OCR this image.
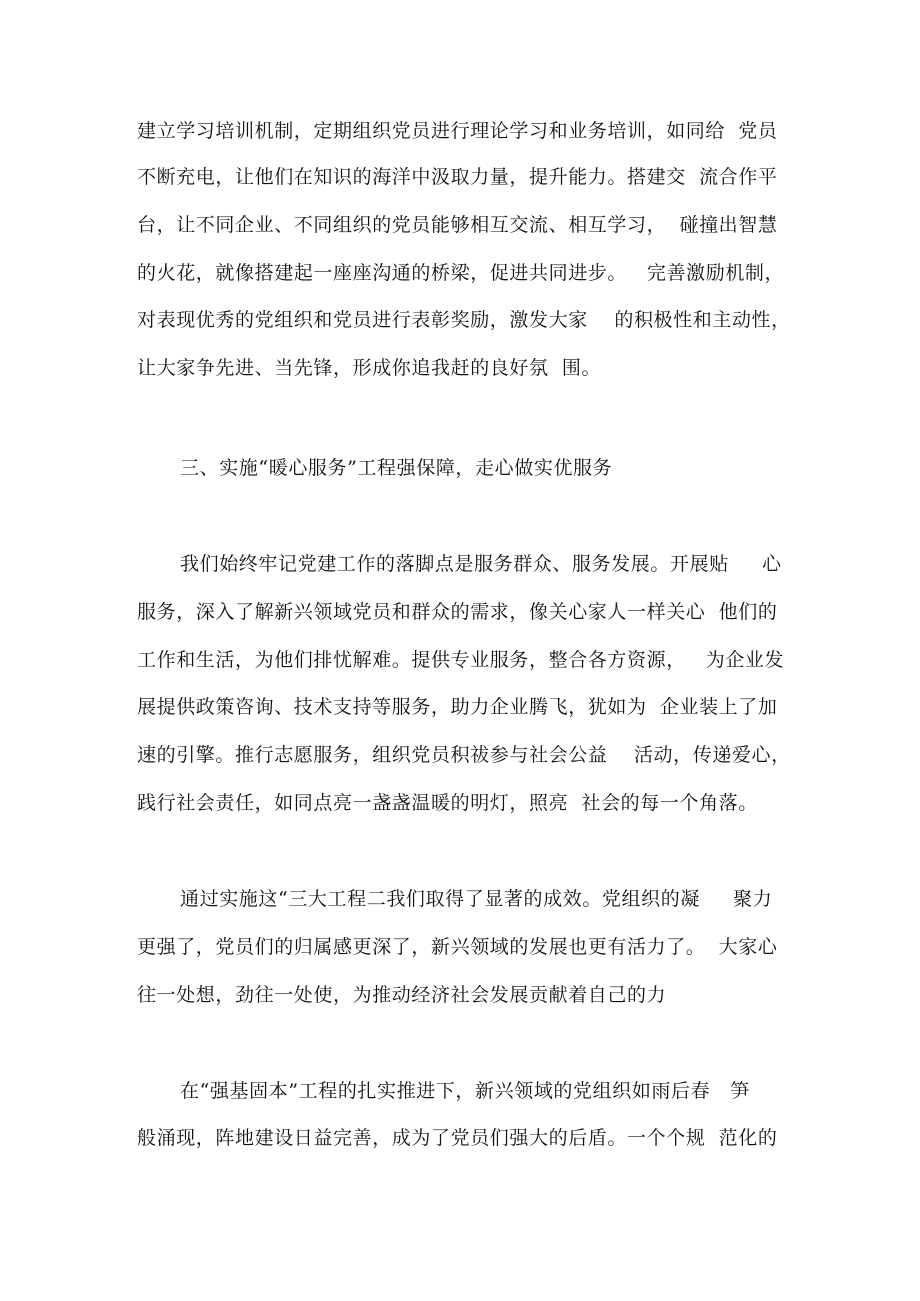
建立学习培训机制，定期组织党员进行理论学习和业务培训，如同给  党员
不断充电，让他们在知识的海洋中汲取力量，提升能力。搭建交  流合作平
台，让不同企业、不同组织的党员能够相互交流、相互学习，  碰撞出智慧
的火花，就像搭建起一座座沟通的桥梁，促进共同进步。   完善激励机制，
对表现优秀的党组织和党员进行表彰奖励，激发大家    的积极性和主动性，
让大家争先进、当先锋，形成你追我赶的良好氛  围。
三、实施“暖心服务”工程强保障，走心做实优服务
我们始终牢记党建工作的落脚点是服务群众、服务发展。开展贴     心
服务，深入了解新兴领域党员和群众的需求，像关心家人一样关心  他们的
工作和生活，为他们排忧解难。提供专业服务，整合各方资源，   为企业发
展提供政策咨询、技术支持等服务，助力企业腾飞，犹如为  企业装上了加
速的引擎。推行志愿服务，组织党员积祓参与社会公益    活动，传递爱心，
践行社会责任，如同点亮一盏盏温暖的明灯，照亮  社会的每一个角落。
通过实施这“三大工程二我们取得了显著的成效。党组织的凝     聚力
更强了，党员们的归属感更深了，新兴领域的发展也更有活力了。  大家心
往一处想，劲往一处使，为推动经济社会发展贡献着自己的力
在“强基固本”工程的扎实推进下，新兴领域的党组织如雨后春   笋
般涌现，阵地建设日益完善，成为了党员们强大的后盾。一个个规  范化的
